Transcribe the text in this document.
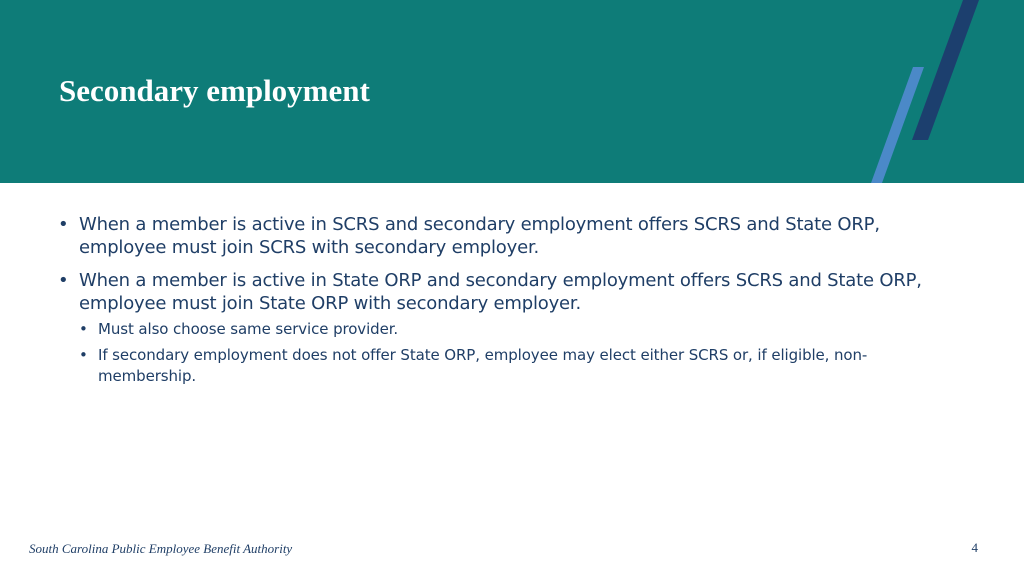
Secondary employment
• When a member is active in SCRS and secondary employment offers SCRS and State ORP, employee must join SCRS with secondary employer.
• When a member is active in State ORP and secondary employment offers SCRS and State ORP, employee must join State ORP with secondary employer.
• Must also choose same service provider.
• If secondary employment does not offer State ORP, employee may elect either SCRS or, if eligible, non-membership.
South Carolina Public Employee Benefit Authority	4
